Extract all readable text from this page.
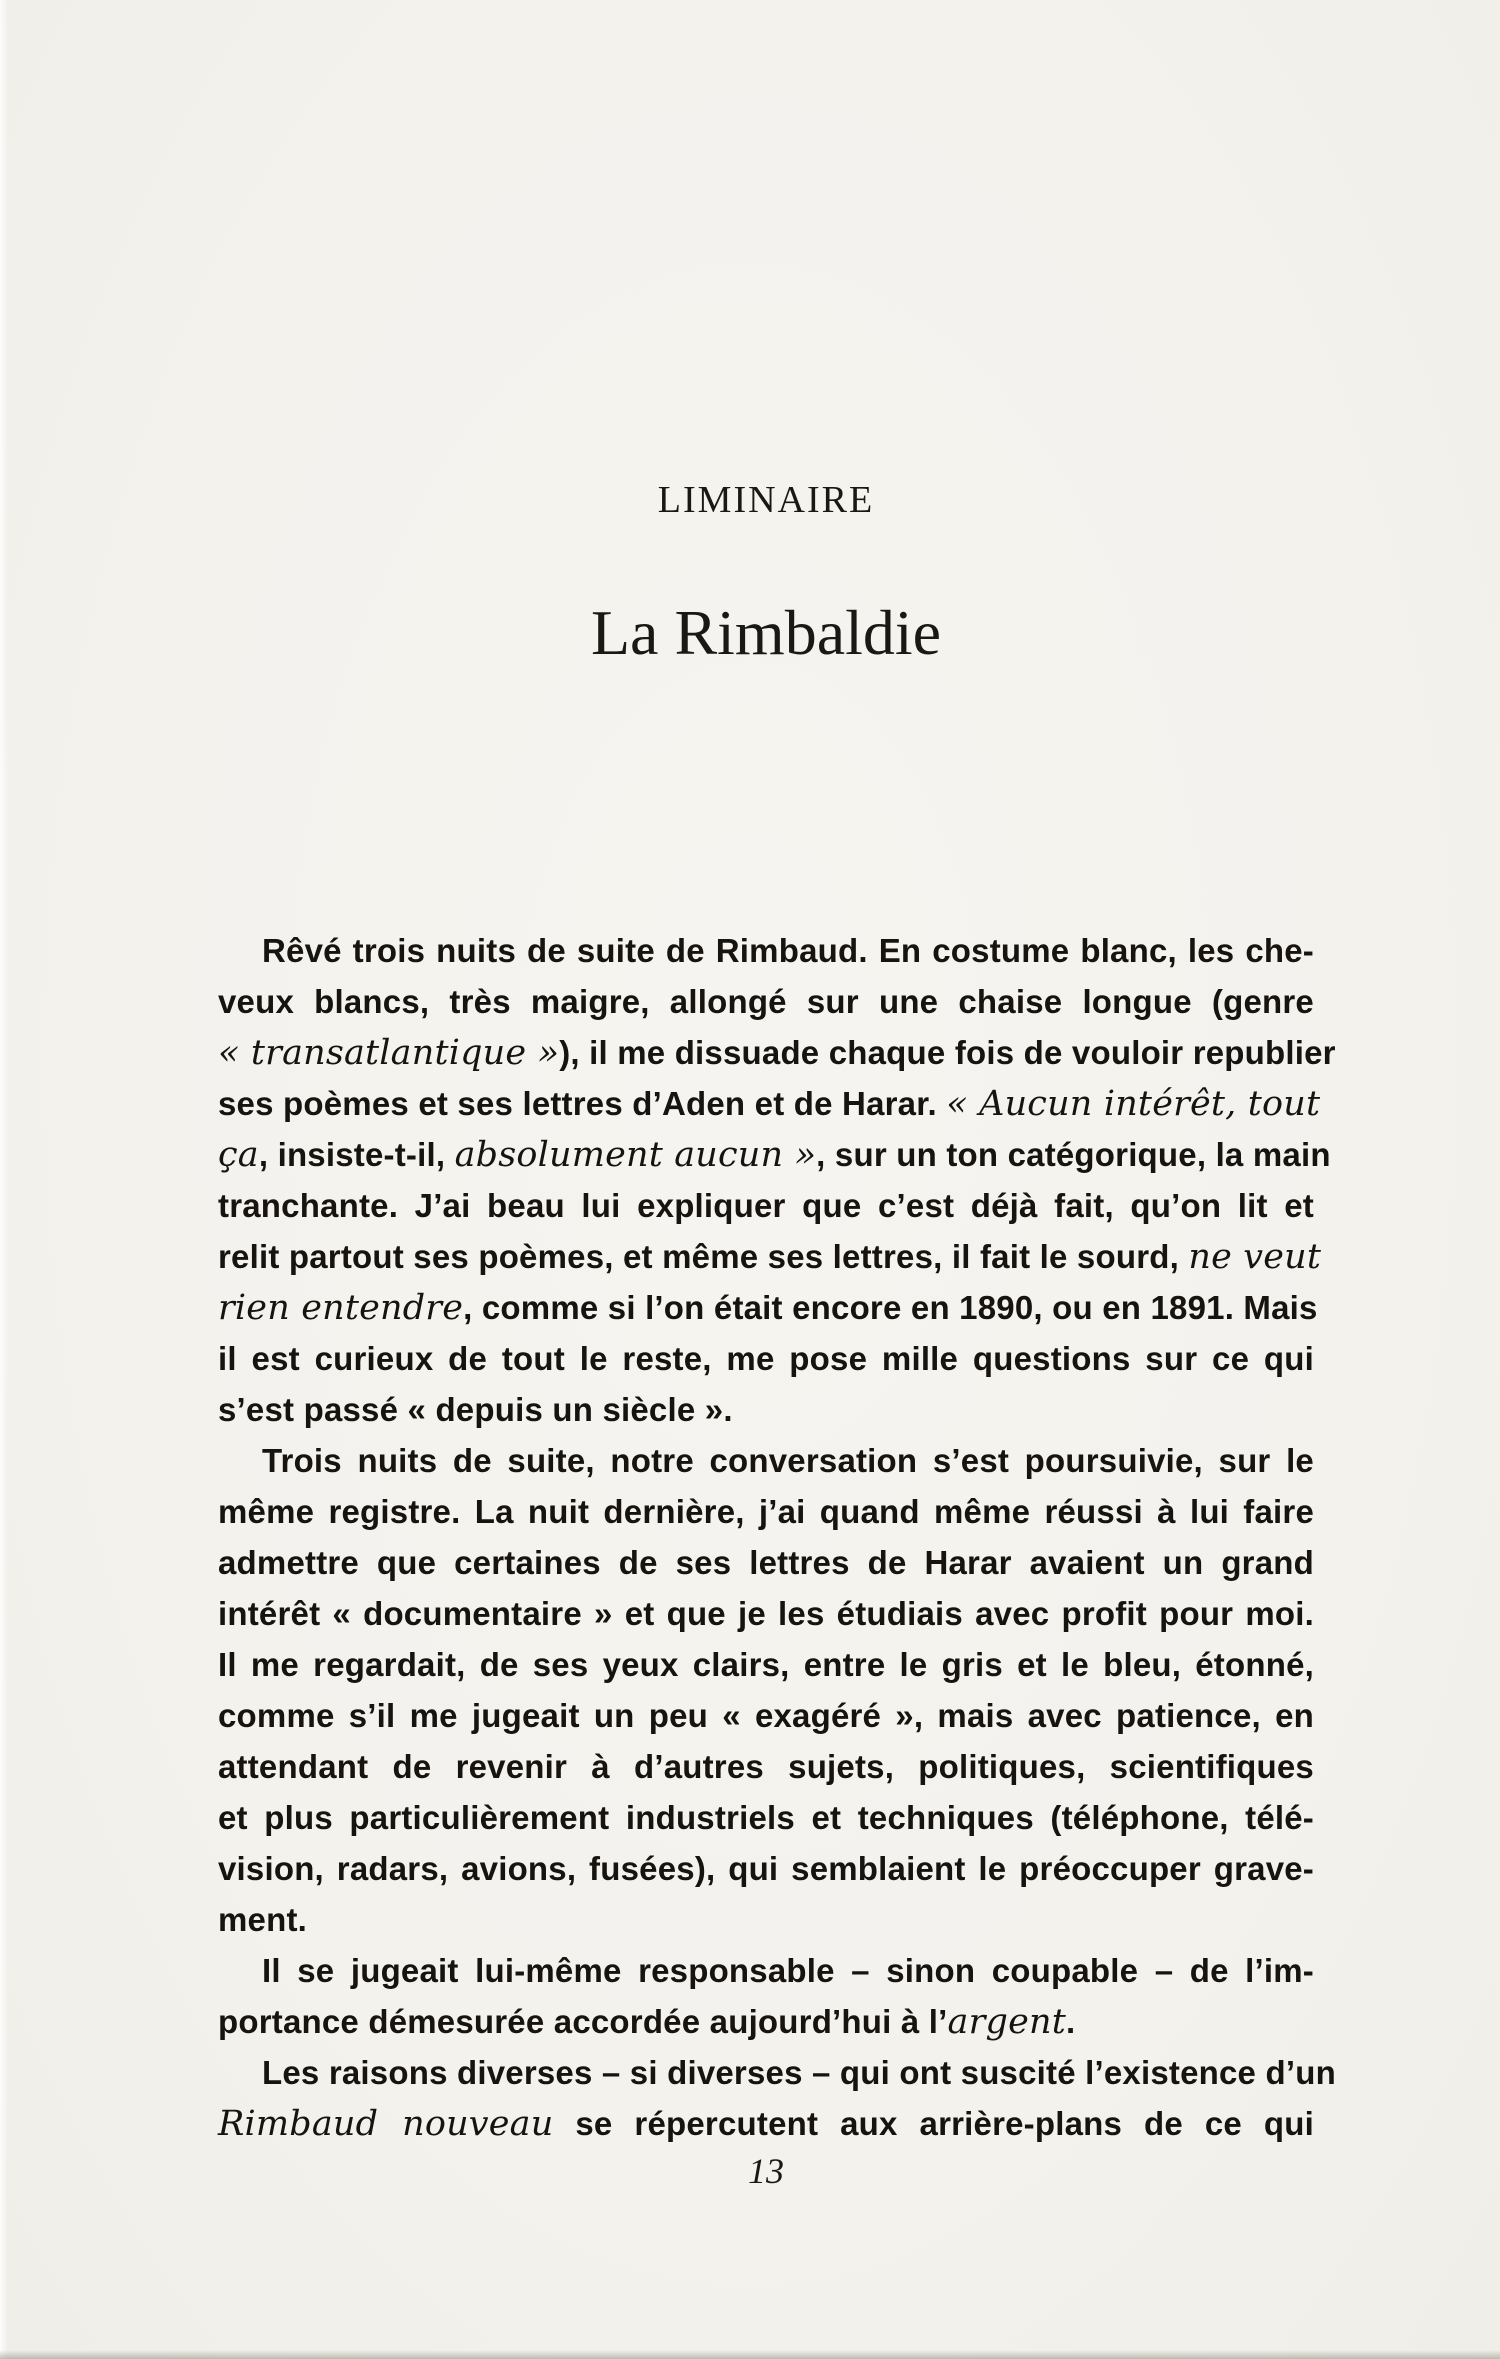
LIMINAIRE
La Rimbaldie
Rêvé trois nuits de suite de Rimbaud. En costume blanc, les che-
veux blancs, très maigre, allongé sur une chaise longue (genre
« transatlantique »), il me dissuade chaque fois de vouloir republier
ses poèmes et ses lettres d’Aden et de Harar. « Aucun intérêt, tout
ça, insiste-t-il, absolument aucun », sur un ton catégorique, la main
tranchante. J’ai beau lui expliquer que c’est déjà fait, qu’on lit et
relit partout ses poèmes, et même ses lettres, il fait le sourd, ne veut
rien entendre, comme si l’on était encore en 1890, ou en 1891. Mais
il est curieux de tout le reste, me pose mille questions sur ce qui
s’est passé « depuis un siècle ».
Trois nuits de suite, notre conversation s’est poursuivie, sur le
même registre. La nuit dernière, j’ai quand même réussi à lui faire
admettre que certaines de ses lettres de Harar avaient un grand
intérêt « documentaire » et que je les étudiais avec profit pour moi.
Il me regardait, de ses yeux clairs, entre le gris et le bleu, étonné,
comme s’il me jugeait un peu « exagéré », mais avec patience, en
attendant de revenir à d’autres sujets, politiques, scientifiques
et plus particulièrement industriels et techniques (téléphone, télé-
vision, radars, avions, fusées), qui semblaient le préoccuper grave-
ment.
Il se jugeait lui-même responsable – sinon coupable – de l’im-
portance démesurée accordée aujourd’hui à l’argent.
Les raisons diverses – si diverses – qui ont suscité l’existence d’un
Rimbaud nouveau se répercutent aux arrière-plans de ce qui
13
